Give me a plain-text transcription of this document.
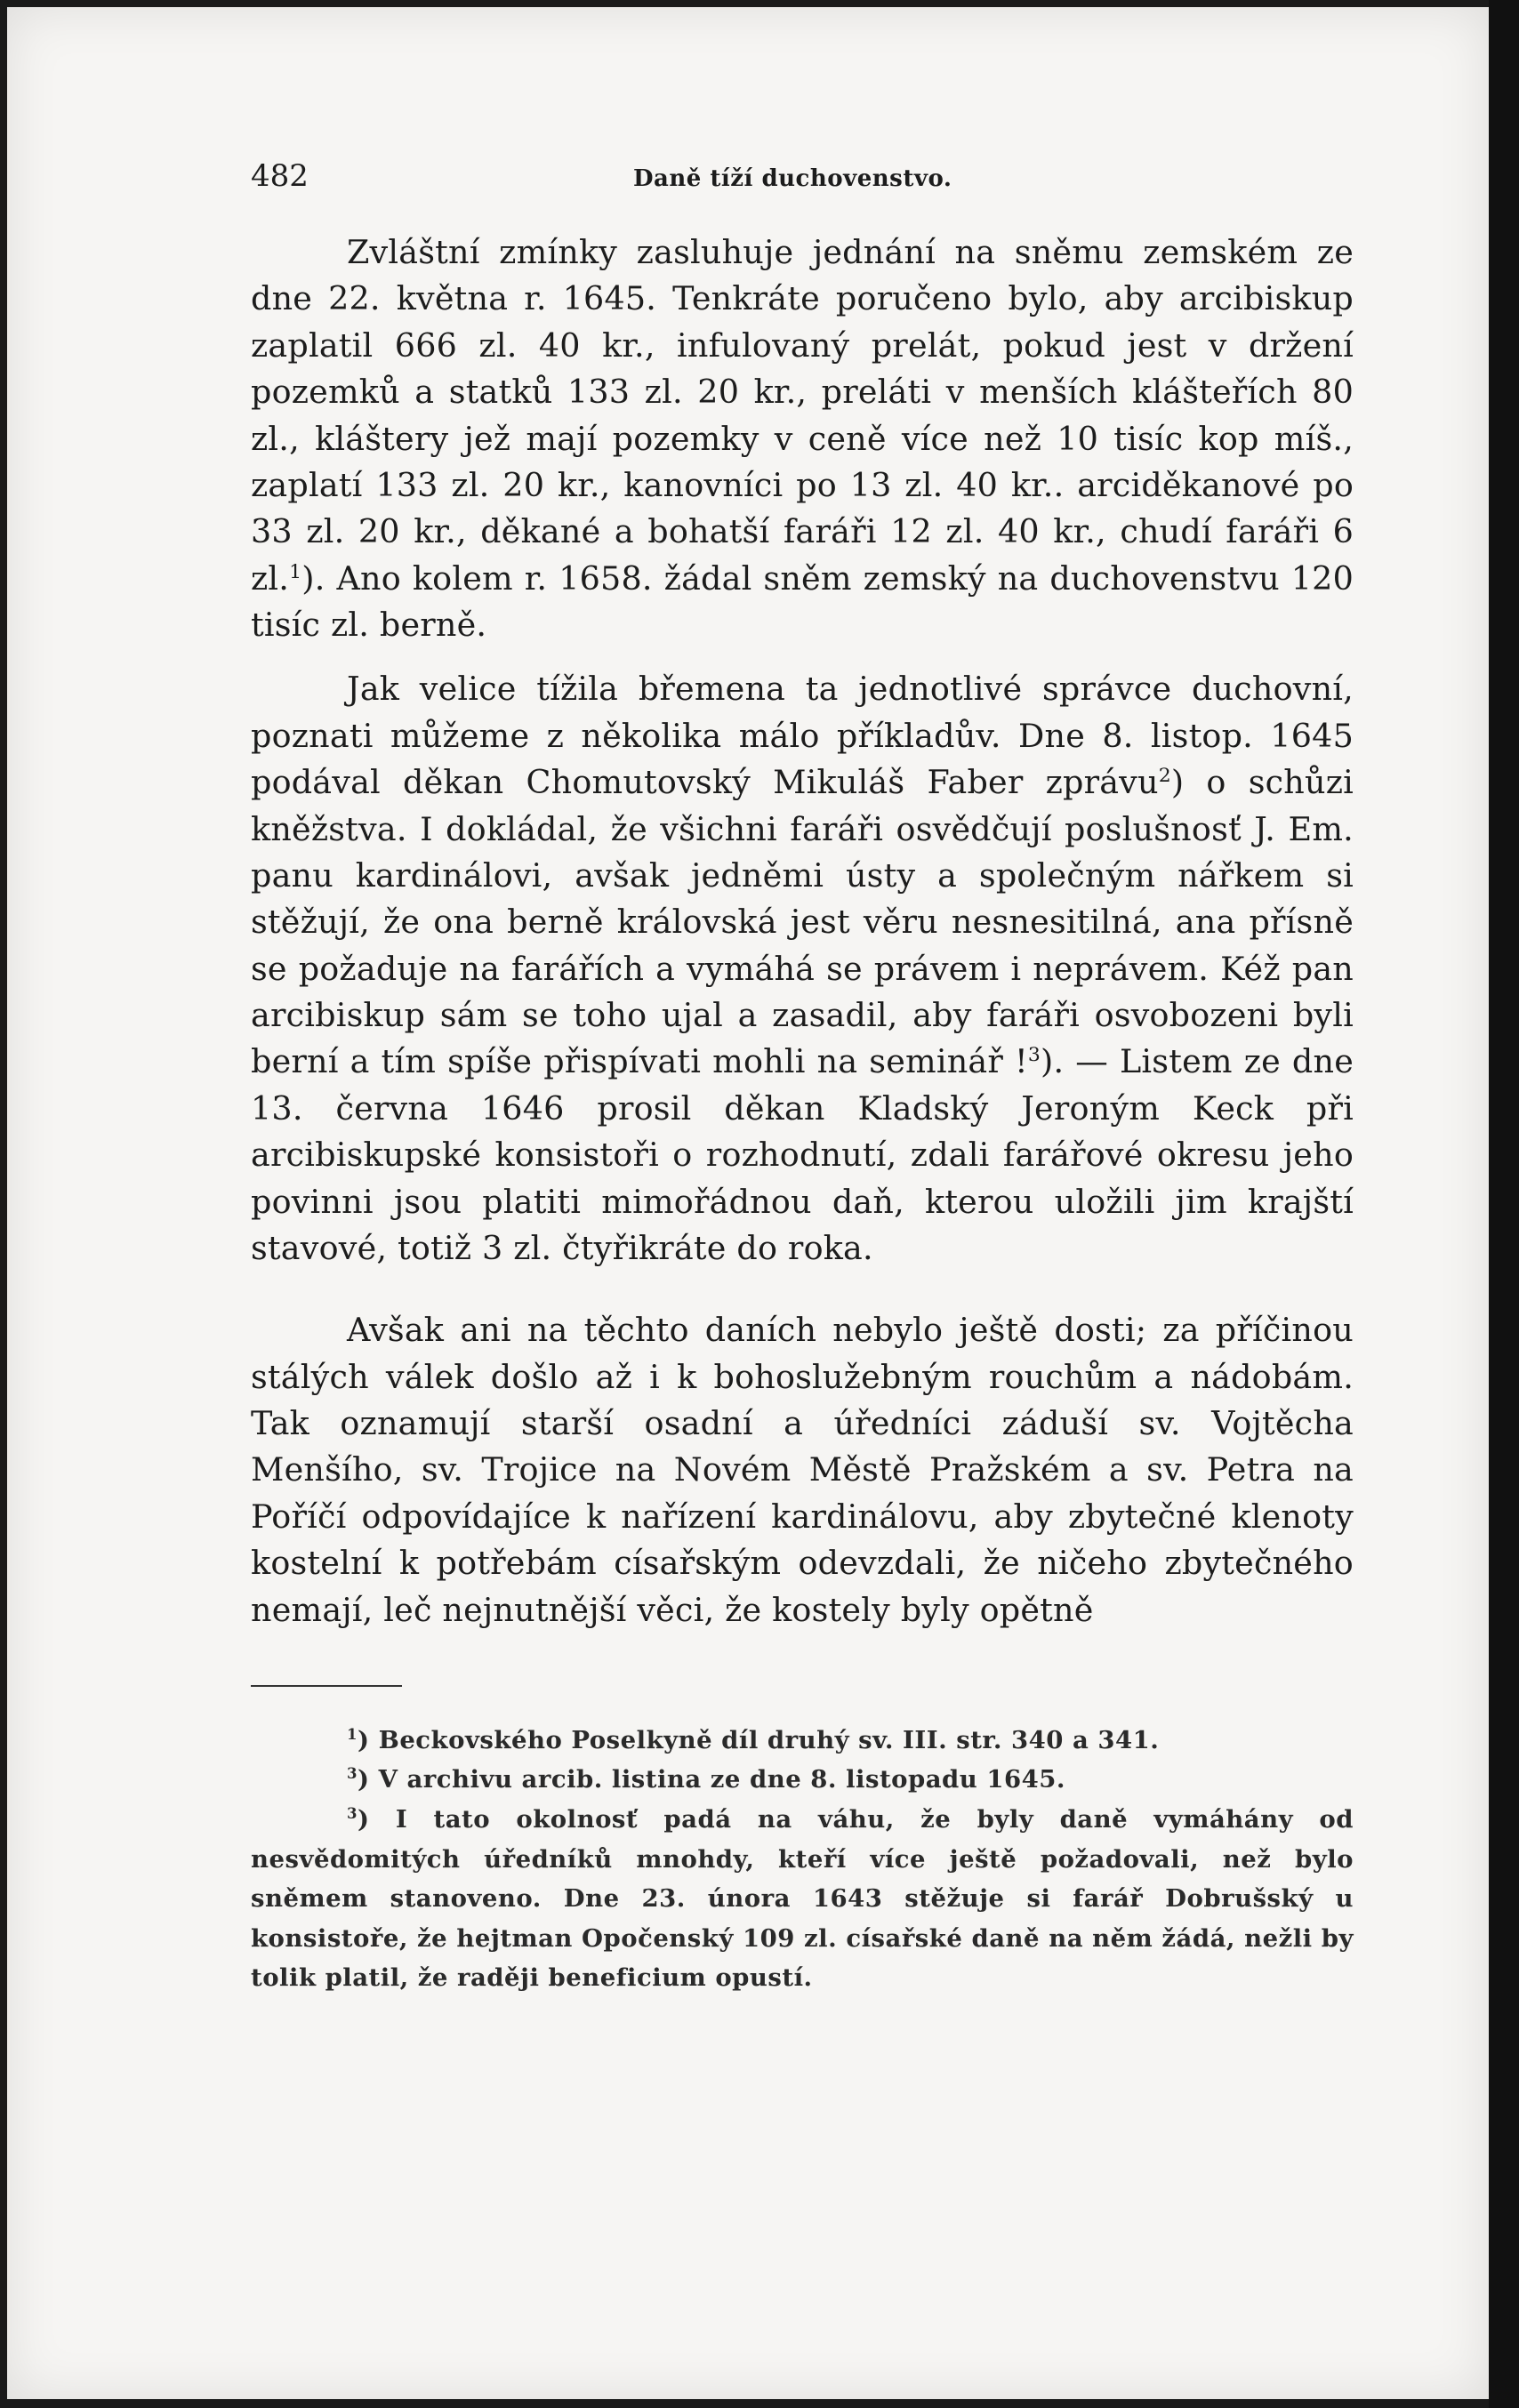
482	Daně tíží duchovenstvo.

Zvláštní zmínky zasluhuje jednání na sněmu zemském ze dne 22. května r. 1645. Tenkráte poručeno bylo, aby arcibiskup zaplatil 666 zl. 40 kr., infulovaný prelát, pokud jest v držení pozemků a statků 133 zl. 20 kr., preláti v menších klášteřích 80 zl., kláštery jež mají pozemky v ceně více než 10 tisíc kop míš., zaplatí 133 zl. 20 kr., kanovníci po 13 zl. 40 kr.. arciděkanové po 33 zl. 20 kr., děkané a bohatší faráři 12 zl. 40 kr., chudí faráři 6 zl.$^1$). Ano kolem r. 1658. žádal sněm zemský na duchovenstvu 120 tisíc zl. berně.

Jak velice tížila břemena ta jednotlivé správce duchovní, poznati můžeme z několika málo příkladův. Dne 8. listop. 1645 podával děkan Chomutovský Mikuláš Faber zprávu$^2$) o schůzi kněžstva. I dokládal, že všichni faráři osvědčují poslušnosť J. Em. panu kardinálovi, avšak jedněmi ústy a společným nářkem si stěžují, že ona berně královská jest věru nesnesitilná, ana přísně se požaduje na farářích a vymáhá se právem i neprávem. Kéž pan arcibiskup sám se toho ujal a zasadil, aby faráři osvobozeni byli berní a tím spíše přispívati mohli na seminář !$^3$). — Listem ze dne 13. června 1646 prosil děkan Kladský Jeroným Keck při arcibiskupské konsistoři o rozhodnutí, zdali farářové okresu jeho povinni jsou platiti mimořádnou daň, kterou uložili jim krajští stavové, totiž 3 zl. čtyřikráte do roka.

Avšak ani na těchto daních nebylo ještě dosti; za příčinou stálých válek došlo až i k bohoslužebným rouchům a nádobám. Tak oznamují starší osadní a úředníci záduší sv. Vojtěcha Menšího, sv. Trojice na Novém Městě Pražském a sv. Petra na Poříčí odpovídajíce k nařízení kardinálovu, aby zbytečné klenoty kostelní k potřebám císařským odevzdali, že ničeho zbytečného nemají, leč nejnutnější věci, že kostely byly opětně

$^1$) Beckovského Poselkyně díl druhý sv. III. str. 340 a 341.

$^3$) V archivu arcib. listina ze dne 8. listopadu 1645.

$^3$) I tato okolnosť padá na váhu, že byly daně vymáhány od nesvědomitých úředníků mnohdy, kteří více ještě požadovali, než bylo sněmem stanoveno. Dne 23. února 1643 stěžuje si farář Dobrušský u konsistoře, že hejtman Opočenský 109 zl. císařské daně na něm žádá, nežli by tolik platil, že raději beneficium opustí.
